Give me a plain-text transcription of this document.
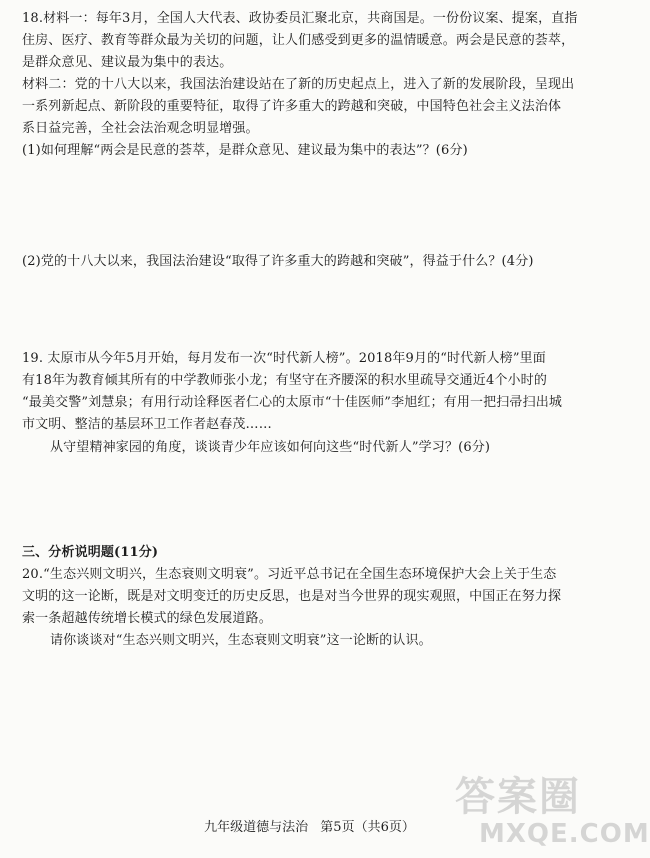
18.材料一：每年3月，全国人大代表、政协委员汇聚北京，共商国是。一份份议案、提案，直指
住房、医疗、教育等群众最为关切的问题，让人们感受到更多的温情暖意。两会是民意的荟萃，
是群众意见、建议最为集中的表达。
材料二：党的十八大以来，我国法治建设站在了新的历史起点上，进入了新的发展阶段，呈现出
一系列新起点、新阶段的重要特征，取得了许多重大的跨越和突破，中国特色社会主义法治体
系日益完善，全社会法治观念明显增强。
(1)如何理解“两会是民意的荟萃，是群众意见、建议最为集中的表达”？(6分)
(2)党的十八大以来，我国法治建设“取得了许多重大的跨越和突破”，得益于什么？(4分)
19. 太原市从今年5月开始，每月发布一次“时代新人榜”。2018年9月的“时代新人榜”里面
有18年为教育倾其所有的中学教师张小龙；有坚守在齐腰深的积水里疏导交通近4个小时的
“最美交警”刘慧泉；有用行动诠释医者仁心的太原市“十佳医师”李旭红；有用一把扫帚扫出城
市文明、整洁的基层环卫工作者赵春茂……
从守望精神家园的角度，谈谈青少年应该如何向这些“时代新人”学习？(6分)
三、分析说明题(11分)
20.“生态兴则文明兴，生态衰则文明衰”。习近平总书记在全国生态环境保护大会上关于生态
文明的这一论断，既是对文明变迁的历史反思，也是对当今世界的现实观照，中国正在努力探
索一条超越传统增长模式的绿色发展道路。
请你谈谈对“生态兴则文明兴，生态衰则文明衰”这一论断的认识。
答案圈
MXQE.COM
九年级道德与法治 第5页（共6页）
